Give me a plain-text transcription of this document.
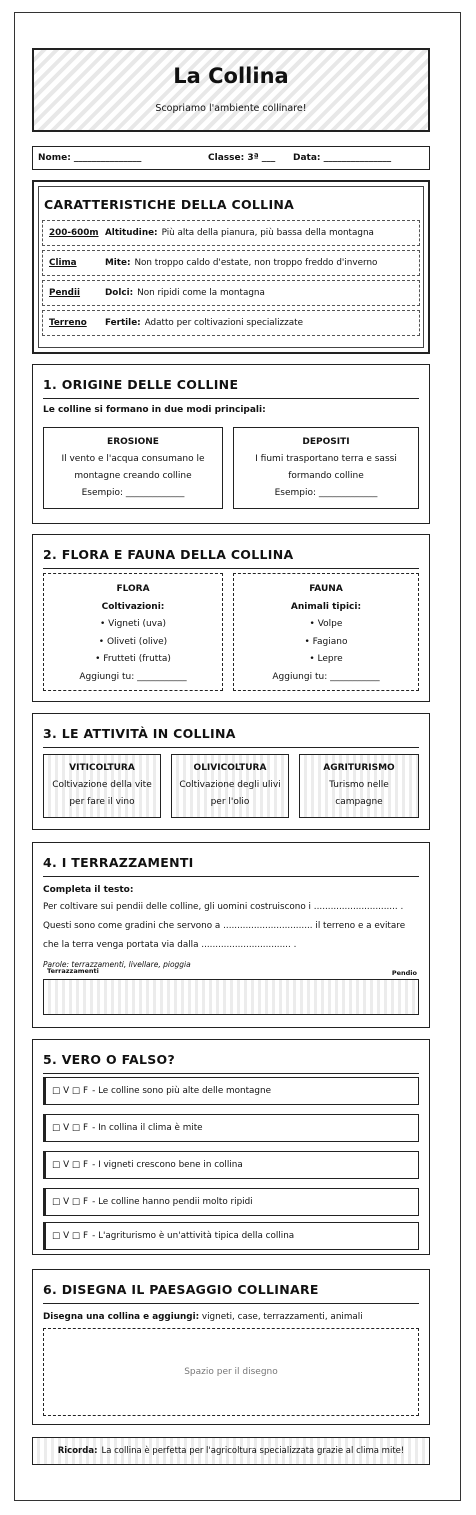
La Collina
Scopriamo l'ambiente collinare!
Nome: _______________	Classe: 3ª ___ Data: _______________
CARATTERISTICHE DELLA COLLINA
200-600m Altitudine: Più alta della pianura, più bassa della montagna
Clima	Mite: Non troppo caldo d'estate, non troppo freddo d'inverno
Pendii	Dolci: Non ripidi come la montagna
Terreno	Fertile: Adatto per coltivazioni specializzate
1. ORIGINE DELLE COLLINE
Le colline si formano in due modi principali:
EROSIONE
Il vento e l'acqua consumano le
montagne creando colline
Esempio: _____________
DEPOSITI
I fiumi trasportano terra e sassi
formando colline
Esempio: _____________
2. FLORA E FAUNA DELLA COLLINA
FLORA
Coltivazioni:
• Vigneti (uva)
• Oliveti (olive)
• Frutteti (frutta)
Aggiungi tu: ___________
FAUNA
Animali tipici:
• Volpe
• Fagiano
• Lepre
Aggiungi tu: ___________
3. LE ATTIVITÀ IN COLLINA
VITICOLTURA
Coltivazione della vite
per fare il vino
OLIVICOLTURA
Coltivazione degli ulivi
per l'olio
AGRITURISMO
Turismo nelle
campagne
4. I TERRAZZAMENTI
Completa il testo:
Per coltivare sui pendii delle colline, gli uomini costruiscono i .............................. .
Questi sono come gradini che servono a ................................ il terreno e a evitare
che la terra venga portata via dalla ................................ .
Parole: terrazzamenti, livellare, pioggia
Terrazzamenti	Pendio
5. VERO O FALSO?
□ V □ F - Le colline sono più alte delle montagne
□ V □ F - In collina il clima è mite
□ V □ F - I vigneti crescono bene in collina
□ V □ F - Le colline hanno pendii molto ripidi
□ V □ F - L'agriturismo è un'attività tipica della collina
6. DISEGNA IL PAESAGGIO COLLINARE
Disegna una collina e aggiungi: vigneti, case, terrazzamenti, animali
Spazio per il disegno
Ricorda: La collina è perfetta per l'agricoltura specializzata grazie al clima mite!
